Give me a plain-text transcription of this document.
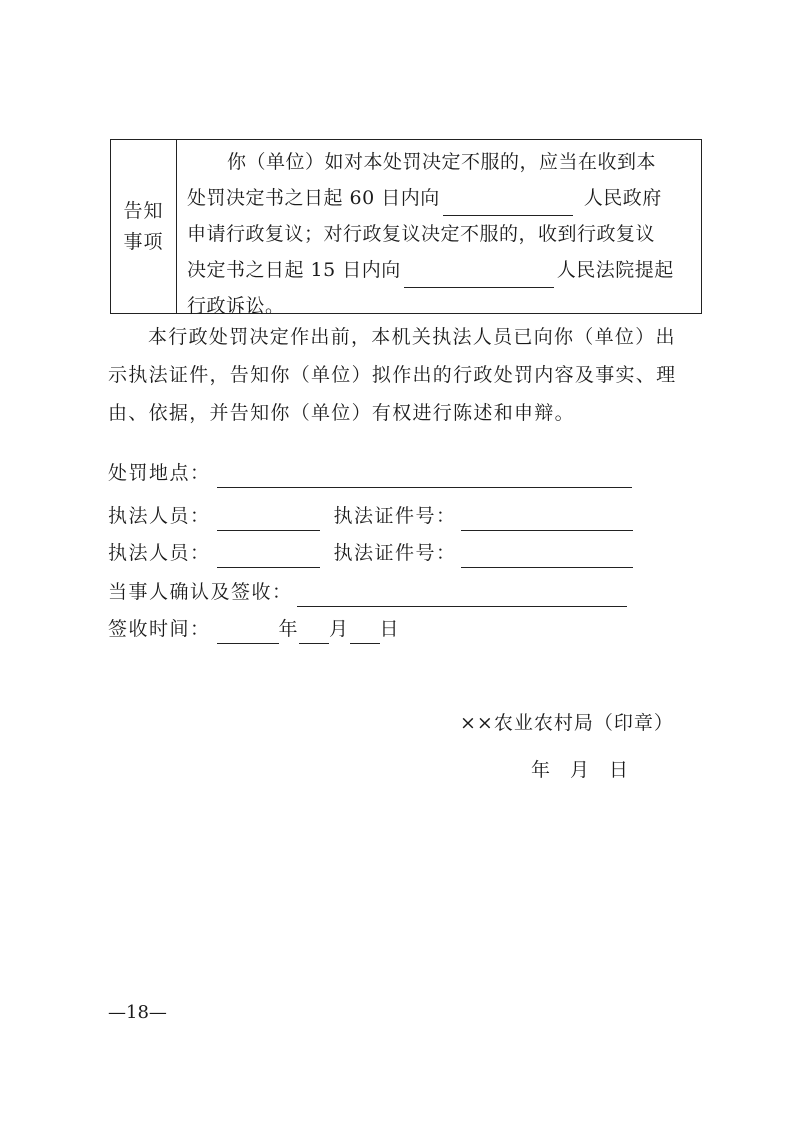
告知
事项
你（单位）如对本处罚决定不服的，应当在收到本
处罚决定书之日起 60 日内向	人民政府
申请行政复议；对行政复议决定不服的，收到行政复议
决定书之日起 15 日内向	人民法院提起
行政诉讼。
本行政处罚决定作出前，本机关执法人员已向你（单位）出
示执法证件，告知你（单位）拟作出的行政处罚内容及事实、理
由、依据，并告知你（单位）有权进行陈述和申辩。
处罚地点：
执法人员：	执法证件号：
执法人员：	执法证件号：
当事人确认及签收：
签收时间：	年 月 日
××农业农村局（印章）
年 月 日
—18—
